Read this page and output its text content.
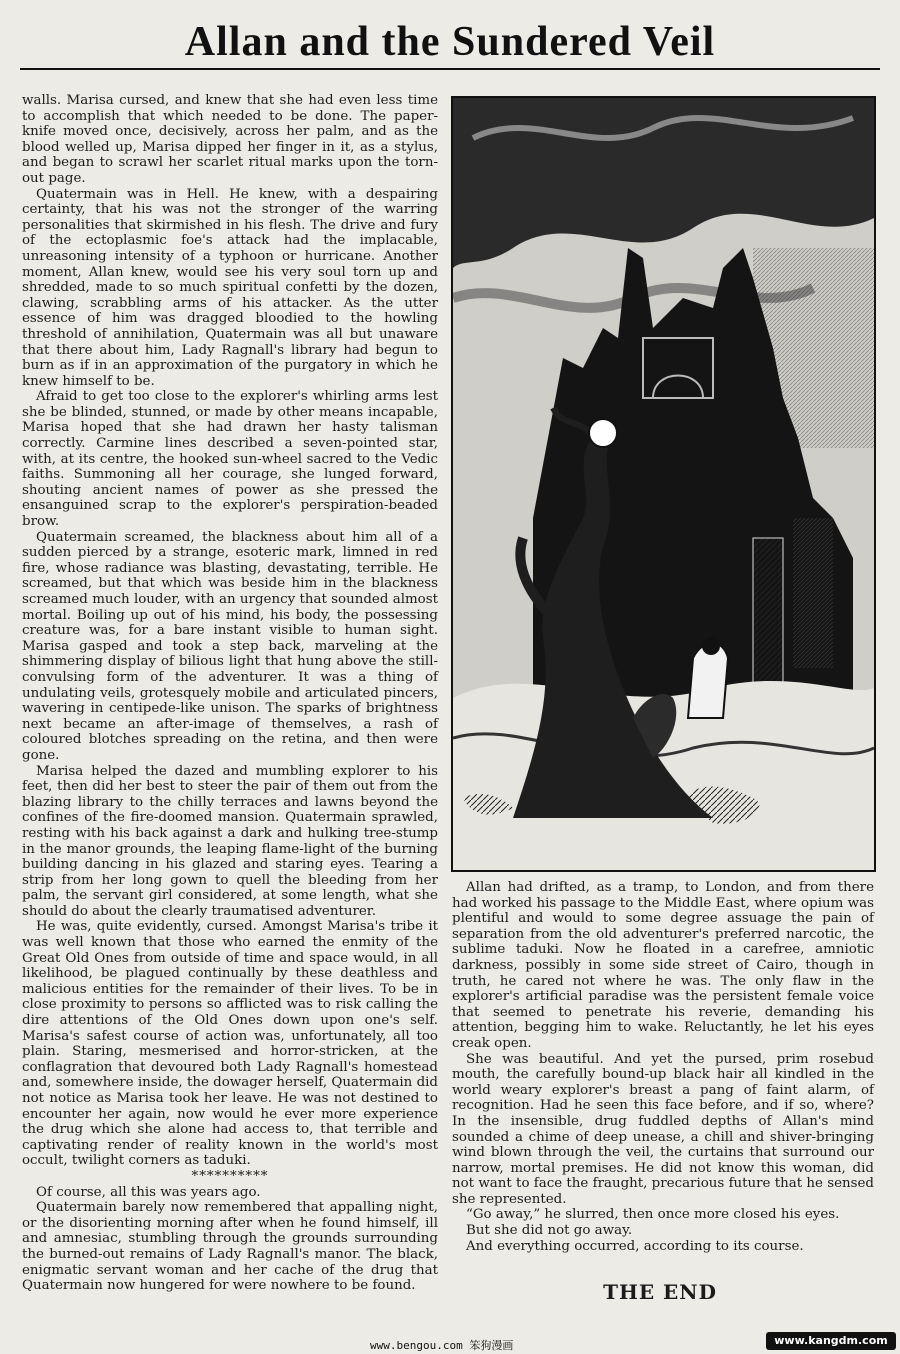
Allan and the Sundered Veil

walls. Marisa cursed, and knew that she had even less time to accomplish that which needed to be done. The paper-knife moved once, decisively, across her palm, and as the blood welled up, Marisa dipped her finger in it, as a stylus, and began to scrawl her scarlet ritual marks upon the torn-out page.

Quatermain was in Hell. He knew, with a despairing certainty, that his was not the stronger of the warring personalities that skirmished in his flesh. The drive and fury of the ectoplasmic foe's attack had the implacable, unreasoning intensity of a typhoon or hurricane. Another moment, Allan knew, would see his very soul torn up and shredded, made to so much spiritual confetti by the dozen, clawing, scrabbling arms of his attacker. As the utter essence of him was dragged bloodied to the howling threshold of annihilation, Quatermain was all but unaware that there about him, Lady Ragnall's library had begun to burn as if in an approximation of the purgatory in which he knew himself to be.

Afraid to get too close to the explorer's whirling arms lest she be blinded, stunned, or made by other means incapable, Marisa hoped that she had drawn her hasty talisman correctly. Carmine lines described a seven-pointed star, with, at its centre, the hooked sun-wheel sacred to the Vedic faiths. Summoning all her courage, she lunged forward, shouting ancient names of power as she pressed the ensanguined scrap to the explorer's perspiration-beaded brow.

Quatermain screamed, the blackness about him all of a sudden pierced by a strange, esoteric mark, limned in red fire, whose radiance was blasting, devastating, terrible. He screamed, but that which was beside him in the blackness screamed much louder, with an urgency that sounded almost mortal. Boiling up out of his mind, his body, the possessing creature was, for a bare instant visible to human sight. Marisa gasped and took a step back, marveling at the shimmering display of bilious light that hung above the still-convulsing form of the adventurer. It was a thing of undulating veils, grotesquely mobile and articulated pincers, wavering in centipede-like unison. The sparks of brightness next became an after-image of themselves, a rash of coloured blotches spreading on the retina, and then were gone.

Marisa helped the dazed and mumbling explorer to his feet, then did her best to steer the pair of them out from the blazing library to the chilly terraces and lawns beyond the confines of the fire-doomed mansion. Quatermain sprawled, resting with his back against a dark and hulking tree-stump in the manor grounds, the leaping flame-light of the burning building dancing in his glazed and staring eyes. Tearing a strip from her long gown to quell the bleeding from her palm, the servant girl considered, at some length, what she should do about the clearly traumatised adventurer.

He was, quite evidently, cursed. Amongst Marisa's tribe it was well known that those who earned the enmity of the Great Old Ones from outside of time and space would, in all likelihood, be plagued continually by these deathless and malicious entities for the remainder of their lives. To be in close proximity to persons so afflicted was to risk calling the dire attentions of the Old Ones down upon one's self. Marisa's safest course of action was, unfortunately, all too plain. Staring, mesmerised and horror-stricken, at the conflagration that devoured both Lady Ragnall's homestead and, somewhere inside, the dowager herself, Quatermain did not notice as Marisa took her leave. He was not destined to encounter her again, now would he ever more experience the drug which she alone had access to, that terrible and captivating render of reality known in the world's most occult, twilight corners as taduki.

**********

Of course, all this was years ago.

Quatermain barely now remembered that appalling night, or the disorienting morning after when he found himself, ill and amnesiac, stumbling through the grounds surrounding the burned-out remains of Lady Ragnall's manor. The black, enigmatic servant woman and her cache of the drug that Quatermain now hungered for were nowhere to be found.

Allan had drifted, as a tramp, to London, and from there had worked his passage to the Middle East, where opium was plentiful and would to some degree assuage the pain of separation from the old adventurer's preferred narcotic, the sublime taduki. Now he floated in a carefree, amniotic darkness, possibly in some side street of Cairo, though in truth, he cared not where he was. The only flaw in the explorer's artificial paradise was the persistent female voice that seemed to penetrate his reverie, demanding his attention, begging him to wake. Reluctantly, he let his eyes creak open.

She was beautiful. And yet the pursed, prim rosebud mouth, the carefully bound-up black hair all kindled in the world weary explorer's breast a pang of faint alarm, of recognition. Had he seen this face before, and if so, where? In the insensible, drug fuddled depths of Allan's mind sounded a chime of deep unease, a chill and shiver-bringing wind blown through the veil, the curtains that surround our narrow, mortal premises. He did not know this woman, did not want to face the fraught, precarious future that he sensed she represented.

“Go away,” he slurred, then once more closed his eyes.

But she did not go away.

And everything occurred, according to its course.

THE END
www.bengou.com 笨狗漫画	www.kangdm.com
